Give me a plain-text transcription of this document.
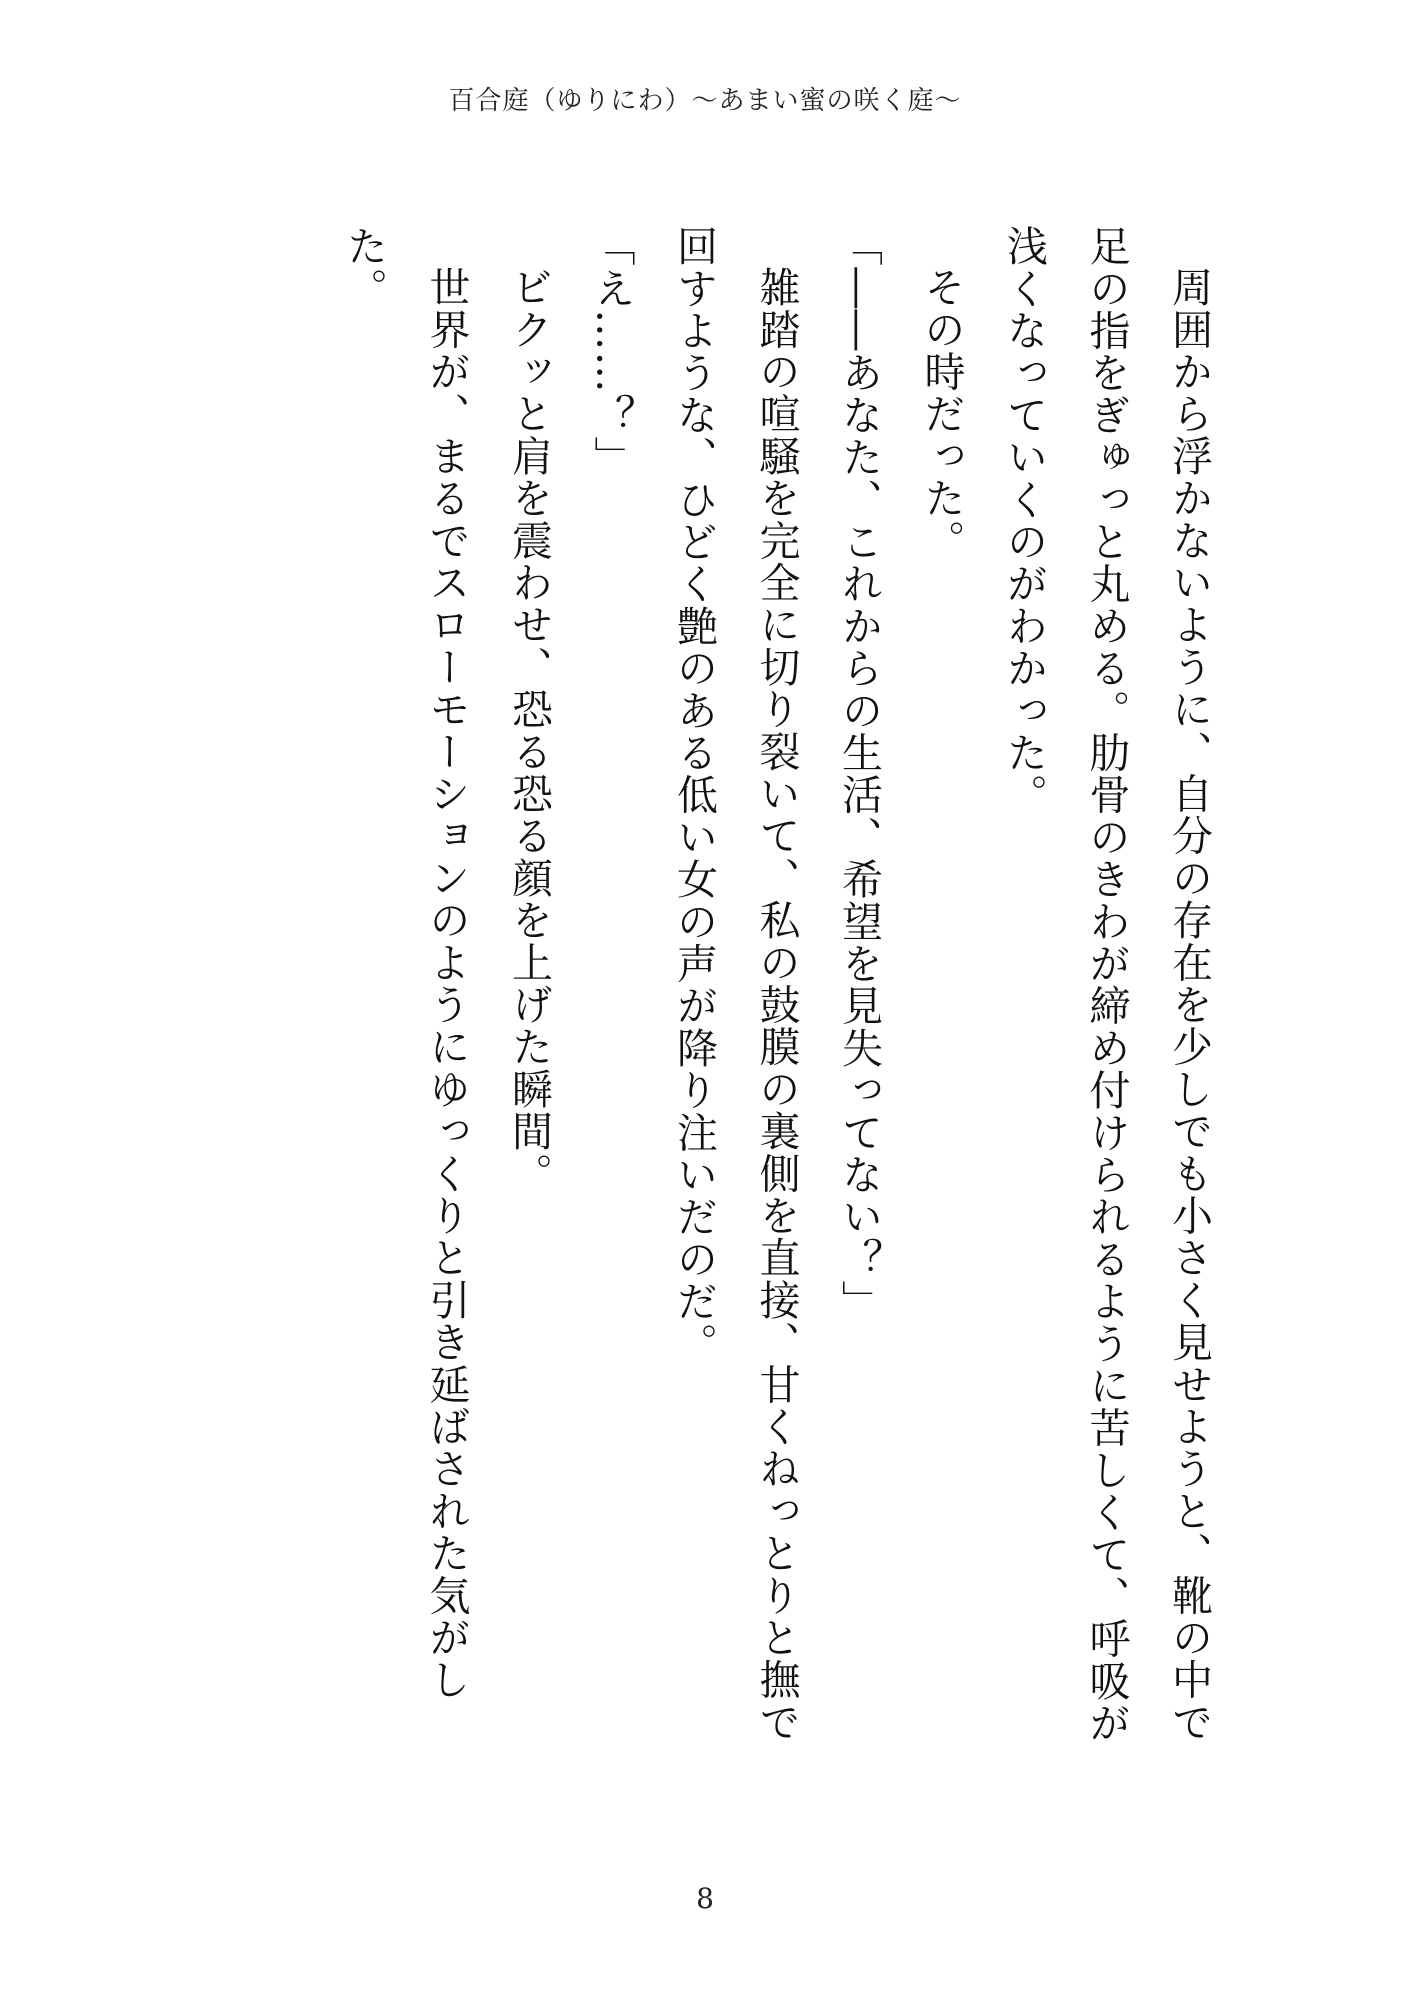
百合庭（ゆりにわ）〜あまい蜜の咲く庭〜

周囲から浮かないように、自分の存在を少しでも小さく見せようと、靴の中で足の指をぎゅっと丸める。肋骨のきわが締め付けられるように苦しくて、呼吸が浅くなっていくのがわかった。

その時だった。

「――あなた、これからの生活、希望を見失ってない？」

雑踏の喧騒を完全に切り裂いて、私の鼓膜の裏側を直接、甘くねっとりと撫で回すような、ひどく艶のある低い女の声が降り注いだのだ。

「え……？」

ビクッと肩を震わせ、恐る恐る顔を上げた瞬間。

世界が、まるでスローモーションのようにゆっくりと引き延ばされた気がした。

8
